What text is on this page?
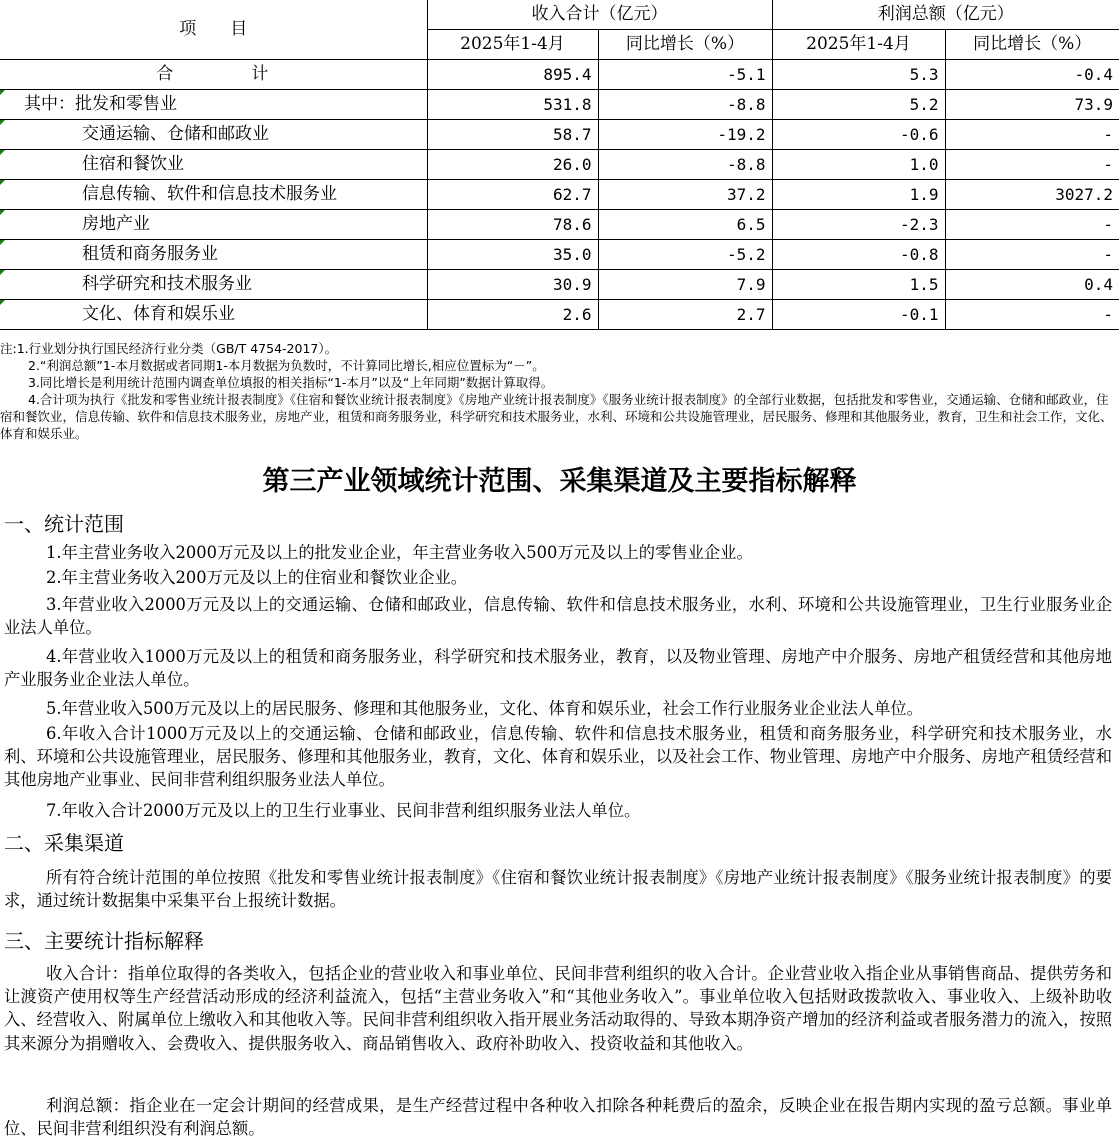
项　　目	收入合计（亿元）		利润总额（亿元）	
	2025年1-4月	同比增长（%）	2025年1-4月	同比增长（%）
合　　　　计	895.4	-5.1	5.3	-0.4
其中：批发和零售业	531.8	-8.8	5.2	73.9
交通运输、仓储和邮政业	58.7	-19.2	-0.6	-
住宿和餐饮业	26.0	-8.8	1.0	-
信息传输、软件和信息技术服务业	62.7	37.2	1.9	3027.2
房地产业	78.6	6.5	-2.3	-
租赁和商务服务业	35.0	-5.2	-0.8	-
科学研究和技术服务业	30.9	7.9	1.5	0.4
文化、体育和娱乐业	2.6	2.7	-0.1	-
注:1.行业划分执行国民经济行业分类（GB/T 4754-2017）。
2.“利润总额”1-本月数据或者同期1-本月数据为负数时，不计算同比增长,相应位置标为“－”。
3.同比增长是利用统计范围内调查单位填报的相关指标“1-本月”以及“上年同期”数据计算取得。
4.合计项为执行《批发和零售业统计报表制度》《住宿和餐饮业统计报表制度》《房地产业统计报表制度》《服务业统计报表制度》的全部行业数据，包括批发和零售业，交通运输、仓储和邮政业，住宿和餐饮业，信息传输、软件和信息技术服务业，房地产业，租赁和商务服务业，科学研究和技术服务业，水利、环境和公共设施管理业，居民服务、修理和其他服务业，教育，卫生和社会工作，文化、体育和娱乐业。
第三产业领域统计范围、采集渠道及主要指标解释
一、统计范围
1.年主营业务收入2000万元及以上的批发业企业，年主营业务收入500万元及以上的零售业企业。
2.年主营业务收入200万元及以上的住宿业和餐饮业企业。
3.年营业收入2000万元及以上的交通运输、仓储和邮政业，信息传输、软件和信息技术服务业，水利、环境和公共设施管理业，卫生行业服务业企业法人单位。
4.年营业收入1000万元及以上的租赁和商务服务业，科学研究和技术服务业，教育，以及物业管理、房地产中介服务、房地产租赁经营和其他房地产业服务业企业法人单位。
5.年营业收入500万元及以上的居民服务、修理和其他服务业，文化、体育和娱乐业，社会工作行业服务业企业法人单位。
6.年收入合计1000万元及以上的交通运输、仓储和邮政业，信息传输、软件和信息技术服务业，租赁和商务服务业，科学研究和技术服务业，水利、环境和公共设施管理业，居民服务、修理和其他服务业，教育，文化、体育和娱乐业，以及社会工作、物业管理、房地产中介服务、房地产租赁经营和其他房地产业事业、民间非营利组织服务业法人单位。
7.年收入合计2000万元及以上的卫生行业事业、民间非营利组织服务业法人单位。
二、采集渠道
所有符合统计范围的单位按照《批发和零售业统计报表制度》《住宿和餐饮业统计报表制度》《房地产业统计报表制度》《服务业统计报表制度》的要求，通过统计数据集中采集平台上报统计数据。
三、主要统计指标解释
收入合计：指单位取得的各类收入，包括企业的营业收入和事业单位、民间非营利组织的收入合计。企业营业收入指企业从事销售商品、提供劳务和让渡资产使用权等生产经营活动形成的经济利益流入，包括“主营业务收入”和“其他业务收入”。事业单位收入包括财政拨款收入、事业收入、上级补助收入、经营收入、附属单位上缴收入和其他收入等。民间非营利组织收入指开展业务活动取得的、导致本期净资产增加的经济利益或者服务潜力的流入，按照其来源分为捐赠收入、会费收入、提供服务收入、商品销售收入、政府补助收入、投资收益和其他收入。
利润总额：指企业在一定会计期间的经营成果，是生产经营过程中各种收入扣除各种耗费后的盈余，反映企业在报告期内实现的盈亏总额。事业单位、民间非营利组织没有利润总额。
